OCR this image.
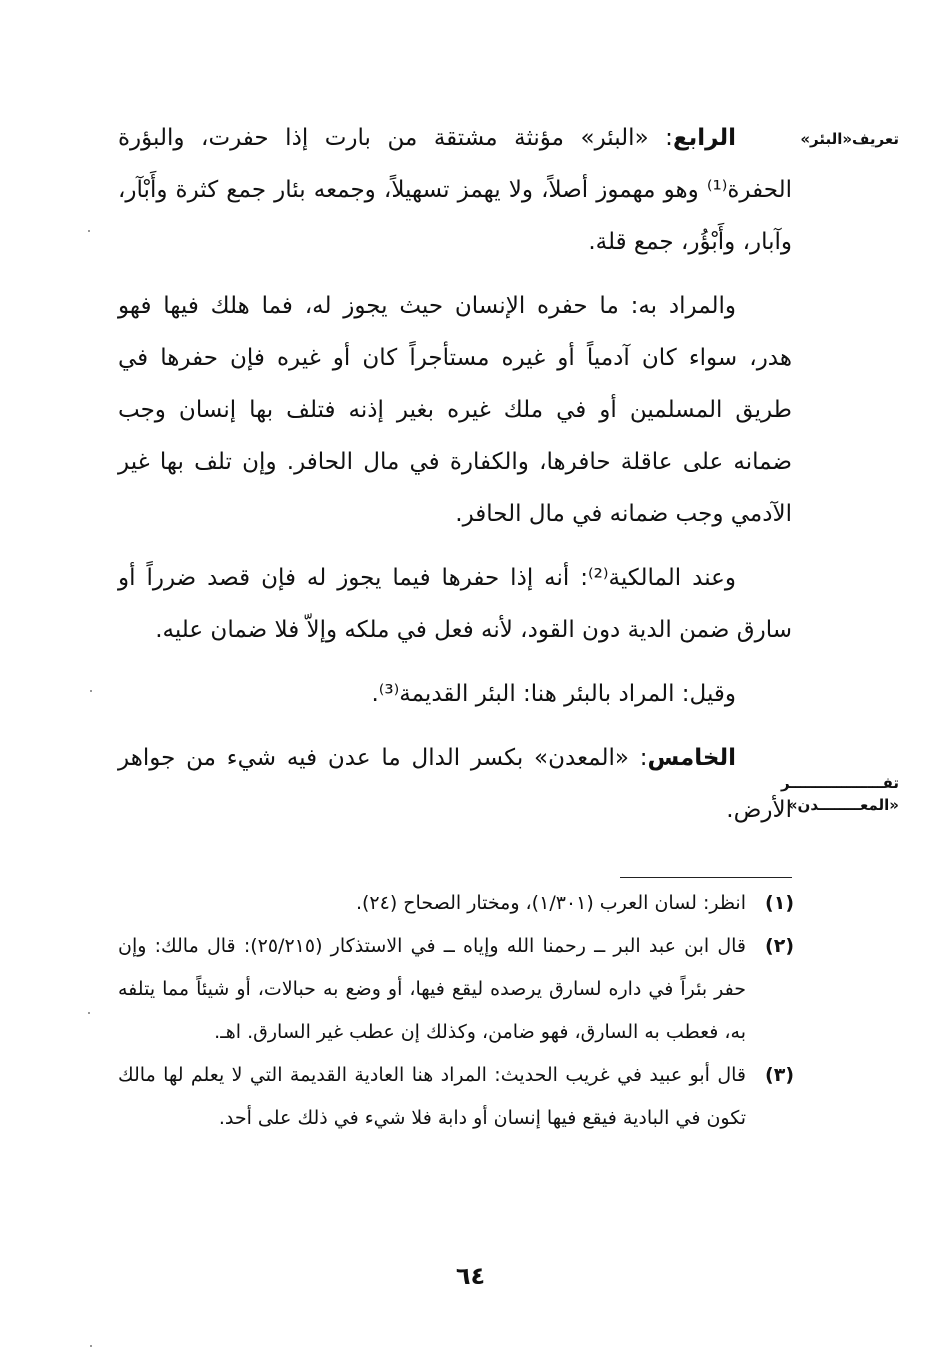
تعريف«البئر»
تفــــــــــــــــــر
«المعــــــــدن»

الرابع: «البئر» مؤنثة مشتقة من بارت إذا حفرت، والبؤرة الحفرة⁽¹⁾ وهو مهموز أصلاً، ولا يهمز تسهيلاً، وجمعه بئار جمع كثرة وأَبْآر، وآبار، وأَبْؤُر، جمع قلة.

والمراد به: ما حفره الإنسان حيث يجوز له، فما هلك فيها فهو هدر، سواء كان آدمياً أو غيره مستأجراً كان أو غيره فإن حفرها في طريق المسلمين أو في ملك غيره بغير إذنه فتلف بها إنسان وجب ضمانه على عاقلة حافرها، والكفارة في مال الحافر. وإن تلف بها غير الآدمي وجب ضمانه في مال الحافر.

وعند المالكية⁽²⁾: أنه إذا حفرها فيما يجوز له فإن قصد ضرراً أو سارق ضمن الدية دون القود، لأنه فعل في ملكه وإلاّ فلا ضمان عليه.

وقيل: المراد بالبئر هنا: البئر القديمة⁽³⁾.

الخامس: «المعدن» بكسر الدال ما عدن فيه شيء من جواهر الأرض.

(١)
انظر: لسان العرب (١/٣٠١)، ومختار الصحاح (٢٤).
(٢)
قال ابن عبد البر ــ رحمنا الله وإياه ــ في الاستذكار (٢٥/٢١٥): قال مالك: وإن حفر بئراً في داره لسارق يرصده ليقع فيها، أو وضع به حبالات، أو شيئاً مما يتلفه به، فعطب به السارق، فهو ضامن، وكذلك إن عطب غير السارق. اهـ.
(٣)
قال أبو عبيد في غريب الحديث: المراد هنا العادية القديمة التي لا يعلم لها مالك تكون في البادية فيقع فيها إنسان أو دابة فلا شيء في ذلك على أحد.
٦٤
